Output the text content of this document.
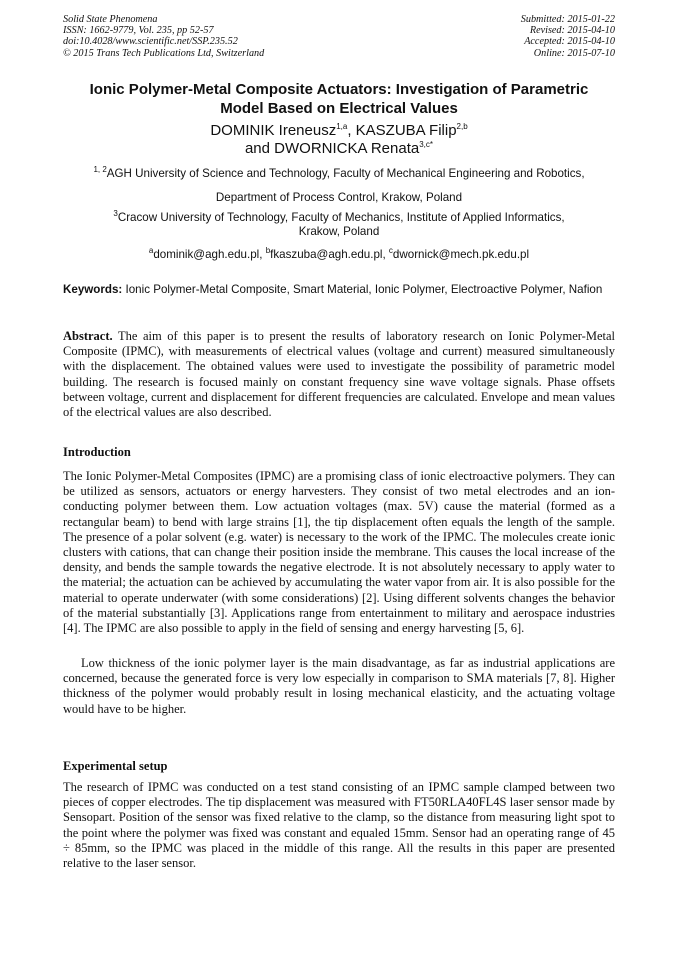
Solid State Phenomena
ISSN: 1662-9779, Vol. 235, pp 52-57
doi:10.4028/www.scientific.net/SSP.235.52
© 2015 Trans Tech Publications Ltd, Switzerland
Submitted: 2015-01-22
Revised: 2015-04-10
Accepted: 2015-04-10
Online: 2015-07-10
Ionic Polymer-Metal Composite Actuators: Investigation of Parametric
Model Based on Electrical Values
DOMINIK Ireneusz$^{1,a}$, KASZUBA Filip$^{2,b}$
and DWORNICKA Renata$^{3,c*}$
$^{1, 2}$AGH University of Science and Technology, Faculty of Mechanical Engineering and Robotics,
Department of Process Control, Krakow, Poland
$^3$Cracow University of Technology, Faculty of Mechanics, Institute of Applied Informatics,
Krakow, Poland
$^a$dominik@agh.edu.pl, $^b$fkaszuba@agh.edu.pl, $^c$dwornick@mech.pk.edu.pl
Keywords: Ionic Polymer-Metal Composite, Smart Material, Ionic Polymer, Electroactive Polymer, Nafion
Abstract. The aim of this paper is to present the results of laboratory research on Ionic Polymer-Metal Composite (IPMC), with measurements of electrical values (voltage and current) measured simultaneously with the displacement. The obtained values were used to investigate the possibility of parametric model building. The research is focused mainly on constant frequency sine wave voltage signals. Phase offsets between voltage, current and displacement for different frequencies are calculated. Envelope and mean values of the electrical values are also described.
Introduction
The Ionic Polymer-Metal Composites (IPMC) are a promising class of ionic electroactive polymers. They can be utilized as sensors, actuators or energy harvesters. They consist of two metal electrodes and an ion-conducting polymer between them. Low actuation voltages (max. 5V) cause the material (formed as a rectangular beam) to bend with large strains [1], the tip displacement often equals the length of the sample. The presence of a polar solvent (e.g. water) is necessary to the work of the IPMC. The molecules create ionic clusters with cations, that can change their position inside the membrane. This causes the local increase of the density, and bends the sample towards the negative electrode. It is not absolutely necessary to apply water to the material; the actuation can be achieved by accumulating the water vapor from air. It is also possible for the material to operate underwater (with some considerations) [2]. Using different solvents changes the behavior of the material substantially [3]. Applications range from entertainment to military and aerospace industries [4]. The IPMC are also possible to apply in the field of sensing and energy harvesting [5, 6].
Low thickness of the ionic polymer layer is the main disadvantage, as far as industrial applications are concerned, because the generated force is very low especially in comparison to SMA materials [7, 8]. Higher thickness of the polymer would probably result in losing mechanical elasticity, and the actuating voltage would have to be higher.
Experimental setup
The research of IPMC was conducted on a test stand consisting of an IPMC sample clamped between two pieces of copper electrodes. The tip displacement was measured with FT50RLA40FL4S laser sensor made by Sensopart. Position of the sensor was fixed relative to the clamp, so the distance from measuring light spot to the point where the polymer was fixed was constant and equaled 15mm. Sensor had an operating range of 45 ÷ 85mm, so the IPMC was placed in the middle of this range. All the results in this paper are presented relative to the laser sensor.
